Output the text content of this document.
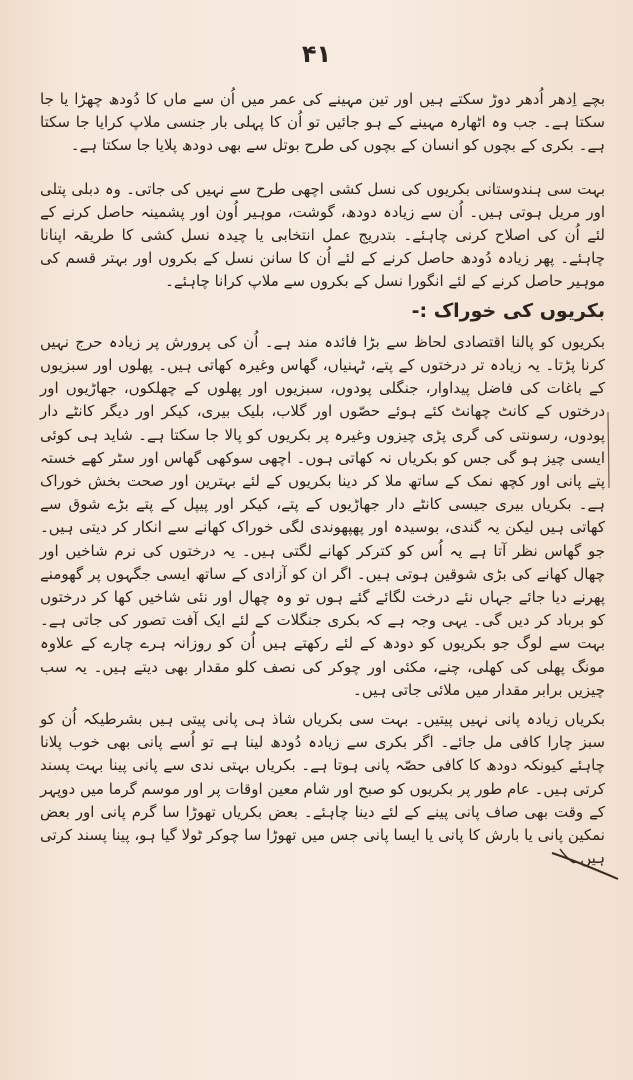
۴۱

بچے اِدھر اُدھر دوڑ سکتے ہیں اور تین مہینے کی عمر میں اُن سے ماں کا دُودھ چھڑا یا جا سکتا ہے۔ جب وہ اٹھارہ مہینے کے ہو جائیں تو اُن کا پہلی بار جنسی ملاپ کرایا جا سکتا ہے۔ بکری کے بچوں کو انسان کے بچوں کی طرح بوتل سے بھی دودھ پلایا جا سکتا ہے۔

بہت سی ہندوستانی بکریوں کی نسل کشی اچھی طرح سے نہیں کی جاتی۔ وہ دبلی پتلی اور مریل ہوتی ہیں۔ اُن سے زیادہ دودھ، گوشت، موہیر اُون اور پشمینہ حاصل کرنے کے لئے اُن کی اصلاح کرنی چاہئے۔ بتدریج عمل انتخابی یا چیدہ نسل کشی کا طریقہ اپنانا چاہئے۔ پھر زیادہ دُودھ حاصل کرنے کے لئے اُن کا سانن نسل کے بکروں اور بہتر قسم کی موہیر حاصل کرنے کے لئے انگورا نسل کے بکروں سے ملاپ کرانا چاہئے۔

بکریوں کی خوراک :-

بکریوں کو پالنا اقتصادی لحاظ سے بڑا فائدہ مند ہے۔ اُن کی پرورش پر زیادہ حرج نہیں کرنا پڑتا۔ یہ زیادہ تر درختوں کے پتے، ٹہنیاں، گھاس وغیرہ کھاتی ہیں۔ پھلوں اور سبزیوں کے باغات کی فاضل پیداوار، جنگلی پودوں، سبزیوں اور پھلوں کے چھلکوں، جھاڑیوں اور درختوں کے کانٹ چھانٹ کئے ہوئے حصّوں اور گلاب، بلیک بیری، کیکر اور دیگر کانٹے دار پودوں، رسونتی کی گری پڑی چیزوں وغیرہ پر بکریوں کو پالا جا سکتا ہے۔ شاید ہی کوئی ایسی چیز ہو گی جس کو بکریاں نہ کھاتی ہوں۔ اچھی سوکھی گھاس اور سٹر کھے خستہ پتے پانی اور کچھ نمک کے ساتھ ملا کر دینا بکریوں کے لئے بہترین اور صحت بخش خوراک ہے۔ بکریاں بیری جیسی کانٹے دار جھاڑیوں کے پتے، کیکر اور پیپل کے پتے بڑے شوق سے کھاتی ہیں لیکن یہ گندی، بوسیدہ اور پھپھوندی لگی خوراک کھانے سے انکار کر دیتی ہیں۔ جو گھاس نظر آتا ہے یہ اُس کو کترکر کھانے لگتی ہیں۔ یہ درختوں کی نرم شاخیں اور چھال کھانے کی بڑی شوقین ہوتی ہیں۔ اگر ان کو آزادی کے ساتھ ایسی جگہوں پر گھومنے پھرنے دیا جائے جہاں نئے درخت لگائے گئے ہوں تو وہ چھال اور نئی شاخیں کھا کر درختوں کو برباد کر دیں گی۔ یہی وجہ ہے کہ بکری جنگلات کے لئے ایک آفت تصور کی جاتی ہے۔ بہت سے لوگ جو بکریوں کو دودھ کے لئے رکھتے ہیں اُن کو روزانہ ہرے چارے کے علاوہ مونگ پھلی کی کھلی، چنے، مکئی اور چوکر کی نصف کلو مقدار بھی دیتے ہیں۔ یہ سب چیزیں برابر مقدار میں ملائی جاتی ہیں۔

بکریاں زیادہ پانی نہیں پیتیں۔ بہت سی بکریاں شاذ ہی پانی پیتی ہیں بشرطیکہ اُن کو سبز چارا کافی مل جائے۔ اگر بکری سے زیادہ دُودھ لینا ہے تو اُسے پانی بھی خوب پلانا چاہئے کیونکہ دودھ کا کافی حصّہ پانی ہوتا ہے۔ بکریاں بہتی ندی سے پانی پینا بہت پسند کرتی ہیں۔ عام طور پر بکریوں کو صبح اور شام معین اوقات پر اور موسم گرما میں دوپہر کے وقت بھی صاف پانی پینے کے لئے دینا چاہئے۔ بعض بکریاں تھوڑا سا گرم پانی اور بعض نمکین پانی یا بارش کا پانی یا ایسا پانی جس میں تھوڑا سا چوکر ٹولا گیا ہو، پینا پسند کرتی ہیں۔
